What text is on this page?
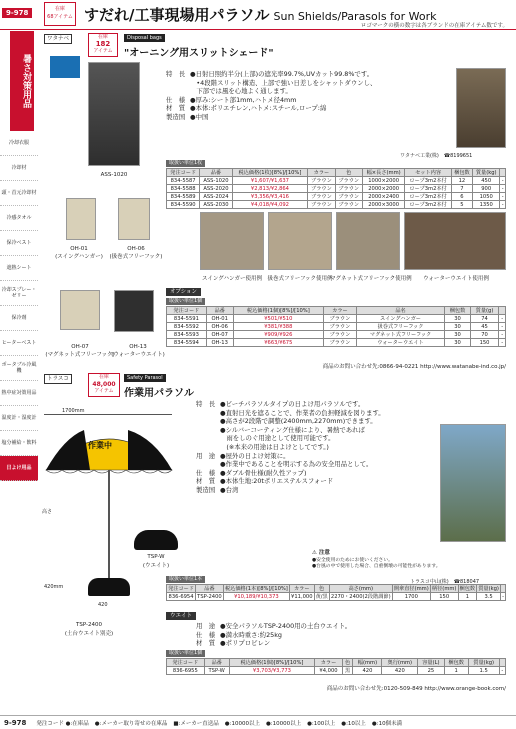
9-978	在庫
68アイテム すだれ/工事現場用パラソル Sun Shields/Parasols for Work
ロゴマークの横の数字は各ブランドの在庫アイテム数です。
暑さ対策用品
冷却衣服
冷却材
頭・首元冷却材
冷感タオル
保冷ベスト
遮熱シート
冷却スプレー・ゼリー
保冷剤
ヒーターベスト
ポータブル冷風機
熱中症対策用品
温度計・湿度計
塩分補給・飲料
日よけ用品
ワタナベ	在庫
182
アイテム
Disposal bags
"オーニング用スリットシェード"
ASS-1020
特　長 ●日射日照約半分(上部)の遮光率99.7%,UVカット99.8%です。
　•4段階スリット構造、上部で強い日差しをシャットダウンし、
　下部では風を心地よく通します。
仕　様 ●厚み:シート部1mm,ハトメ径4mm
材　質 ●本体:ポリエチレン,ハトメ:スチール,ロープ:綿
製造国 ●中国
ワタナベ工業(株)　☎8199651
取扱い単位1枚
発注コード	品番	税込価格(1枚)[8%]/[10%]	カラー	色	幅×長さ(mm)	セット内容	梱包数	質量(kg)	
834-5587	ASS-1020	¥1,607/¥1,637	ブラウン	ブラウン	1000×2000	ロープ3m2本付	12	450	-
834-5588	ASS-2020	¥2,813/¥2,864	ブラウン	ブラウン	2000×2000	ロープ3m2本付	7	900	-
834-5589	ASS-2024	¥3,356/¥3,416	ブラウン	ブラウン	2000×2400	ロープ3m2本付	6	1050	-
834-5590	ASS-2030	¥4,018/¥4,092	ブラウン	ブラウン	2000×3000	ロープ3m2本付	5	1350	-
OH-01
(スイングハンガー)
OH-06
(扱巻式フリーフック)
OH-07
(マグネット式フリーフック)
OH-13
(ウォーターウエイト)
スイングハンガー使用例 扱巻式フリーフック使用例
マグネット式フリーフック使用例	ウォーターウエイト使用例
オプション
取扱い単位1個
発注コード	品番	税込価格(1個)[8%]/[10%]	カラー	品名	梱包数	質量(g)	
834-5591	OH-01	¥501/¥510	ブラウン	スイングハンガー	30	74	-
834-5592	OH-06	¥381/¥388	ブラウン	扱巻式フリーフック	30	45	-
834-5593	OH-07	¥909/¥926	ブラウン	マグネット式フリーフック	30	70	-
834-5594	OH-13	¥663/¥675	ブラウン	ウォーターウエイト	30	150	-
商品のお問い合わせ先:0866-94-0221 http://www.watanabe-ind.co.jp/
トラスコ	在庫
48,000
アイテム
Safety Parasol
作業用パラソル
特　長 ●ビーチパラソルタイプの日よけ用パラソルです。
●直射日光を遮ることで、作業者の負担軽減を図ります。
●高さが2段階で調整(2400mm,2270mm)できます。
●シルバーコーティング仕様により、暑熱であれば
　雨をしのぐ用途として使用可能です。
　(※本来の用途は日よけとしてです。)
用　途 ●屋外の日よけ対策に。
●作業中であることを明示する為の安全用品として。
仕　様 ●ダブル骨仕様(耐久性アップ)
材　質 ●本体生地:20tポリエステルスフォード
製造国 ●台湾
1700mm
作業中
高さ
420mm
420
TSP-W
(ウエイト)
TSP-2400
(土台ウエイト別売)
⚠ 注意
●安全使用のためにお使いください。
●台風の中で使用した場合、自重倒壊の可能性があります。
取扱い単位1本	トラスコ中山(株)　☎818047
発注コード	品番	税込価格(1本)[8%]/[10%]	カラー	色	高さ(mm)	開傘直径(mm)	柄径(mm)	梱包数	質量(kg)	
836-6954	TSP-2400	¥10,189/¥10,373	¥11,000	黄/黒	2270・2400(2段階調節)	1700	150	1	3.5	-
ウエイト
用　途 ●安全パラソルTSP-2400用の土台ウエイト。
仕　様 ●満水時重さ:約25kg
材　質 ●ポリプロピレン
取扱い単位1個
発注コード	品番	税込価格(1個)[8%]/[10%]	カラー	色	幅(mm)	奥行(mm)	容量(L)	梱包数	質量(kg)	
836-6955	TSP-W	¥3,703/¥3,773	¥4,000	黒	420	420	25	1	1.5	-
商品のお問い合わせ先:0120-509-849 http://www.orange-book.com/
9-978 発注コード ●:在庫品 ●:メーカー取り寄せの在庫品 ■:メーカー直送品 ●:10000以上 ●:10000以上 ●:100以上 ●:10以上 ●:10個未満
